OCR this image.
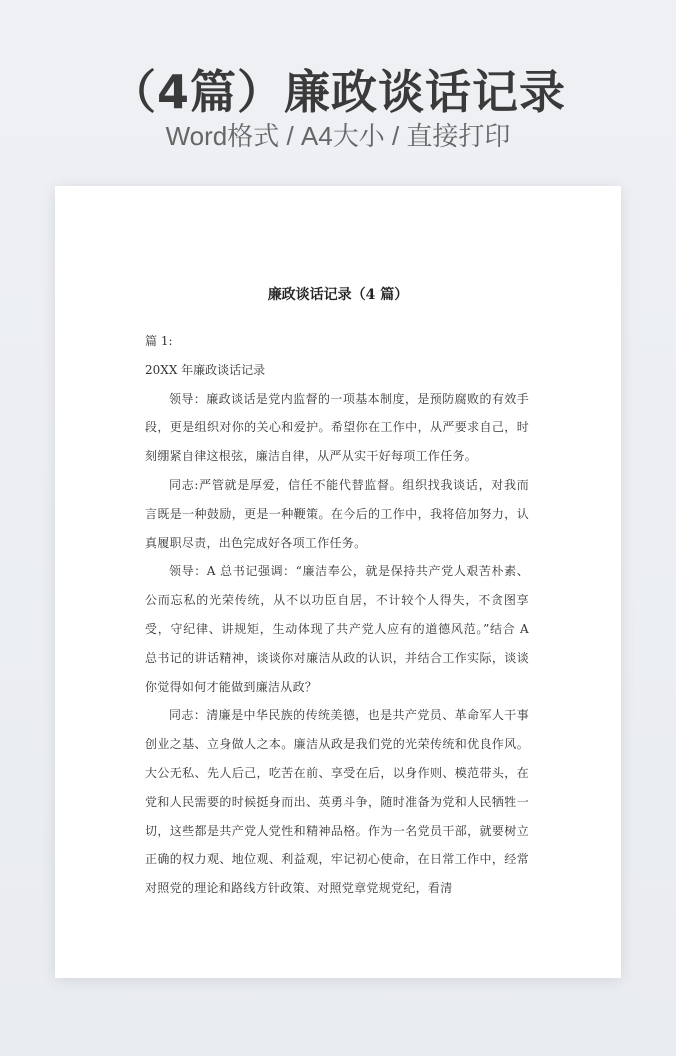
（4篇）廉政谈话记录
Word格式 / A4大小 / 直接打印
廉政谈话记录（4 篇）

篇 1:

20XX 年廉政谈话记录

领导：廉政谈话是党内监督的一项基本制度，是预防腐败的有效手段，更是组织对你的关心和爱护。希望你在工作中，从严要求自己，时刻绷紧自律这根弦，廉洁自律，从严从实干好每项工作任务。

同志:严管就是厚爱，信任不能代替监督。组织找我谈话，对我而言既是一种鼓励，更是一种鞭策。在今后的工作中，我将倍加努力，认真履职尽责，出色完成好各项工作任务。

领导：A 总书记强调：“廉洁奉公，就是保持共产党人艰苦朴素、公而忘私的光荣传统，从不以功臣自居，不计较个人得失，不贪图享受，守纪律、讲规矩，生动体现了共产党人应有的道德风范。”结合 A 总书记的讲话精神，谈谈你对廉洁从政的认识，并结合工作实际，谈谈你觉得如何才能做到廉洁从政？

同志：清廉是中华民族的传统美德，也是共产党员、革命军人干事创业之基、立身做人之本。廉洁从政是我们党的光荣传统和优良作风。大公无私、先人后己，吃苦在前、享受在后，以身作则、模范带头，在党和人民需要的时候挺身而出、英勇斗争，随时准备为党和人民牺牲一切，这些都是共产党人党性和精神品格。作为一名党员干部，就要树立正确的权力观、地位观、利益观，牢记初心使命，在日常工作中，经常对照党的理论和路线方针政策、对照党章党规党纪，看清
